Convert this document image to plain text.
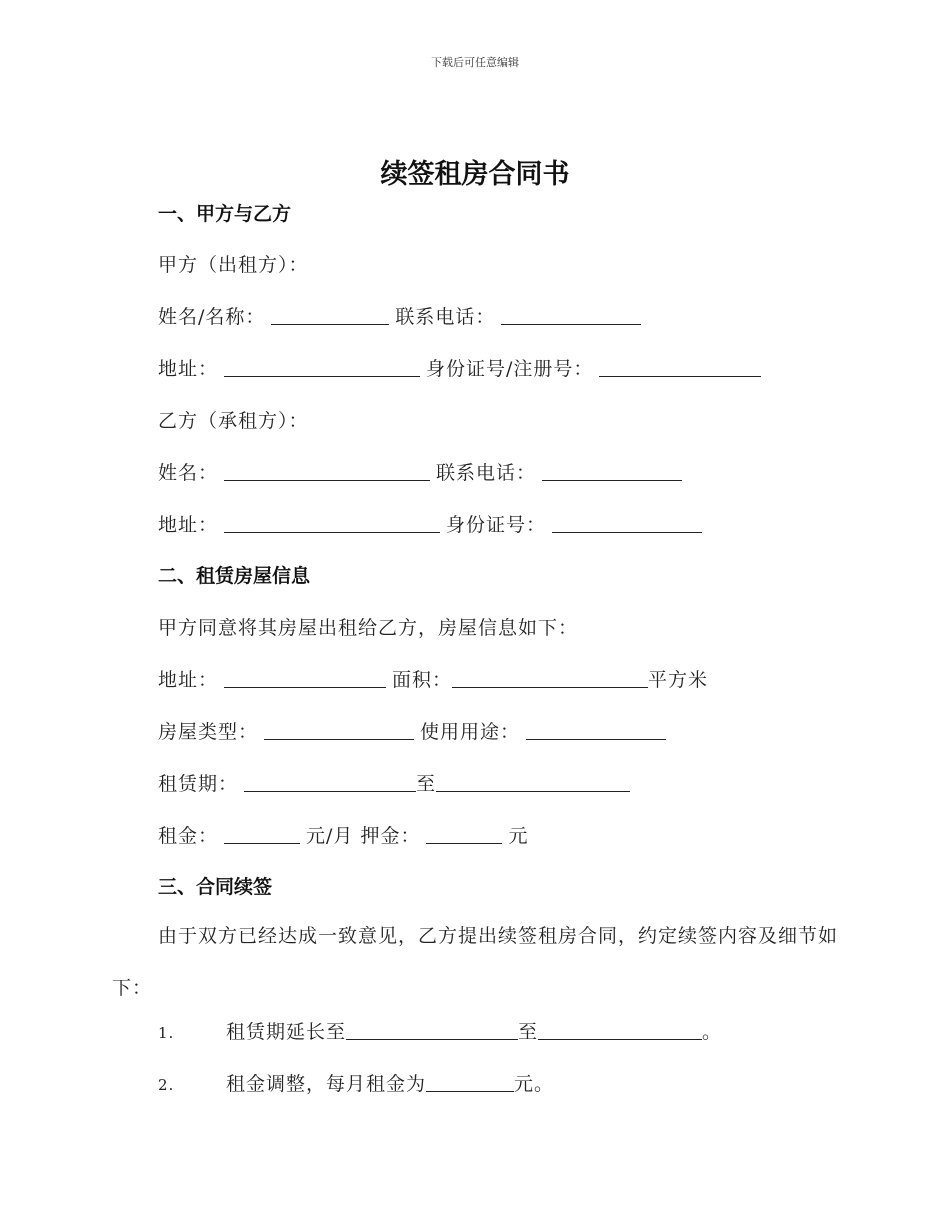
下载后可任意编辑
续签租房合同书
一、甲方与乙方
甲方（出租方）：
姓名/名称：	联系电话：
地址：	身份证号/注册号：
乙方（承租方）：
姓名：	联系电话：
地址：	身份证号：
二、租赁房屋信息
甲方同意将其房屋出租给乙方，房屋信息如下：
地址：	面积：	平方米
房屋类型：	使用用途：
租赁期：	至
租金：	元/月 押金：	元
三、合同续签
由于双方已经达成一致意见，乙方提出续签租房合同，约定续签内容及细节如下：
1.	租赁期延长至	至	。
2.	租金调整，每月租金为	元。
